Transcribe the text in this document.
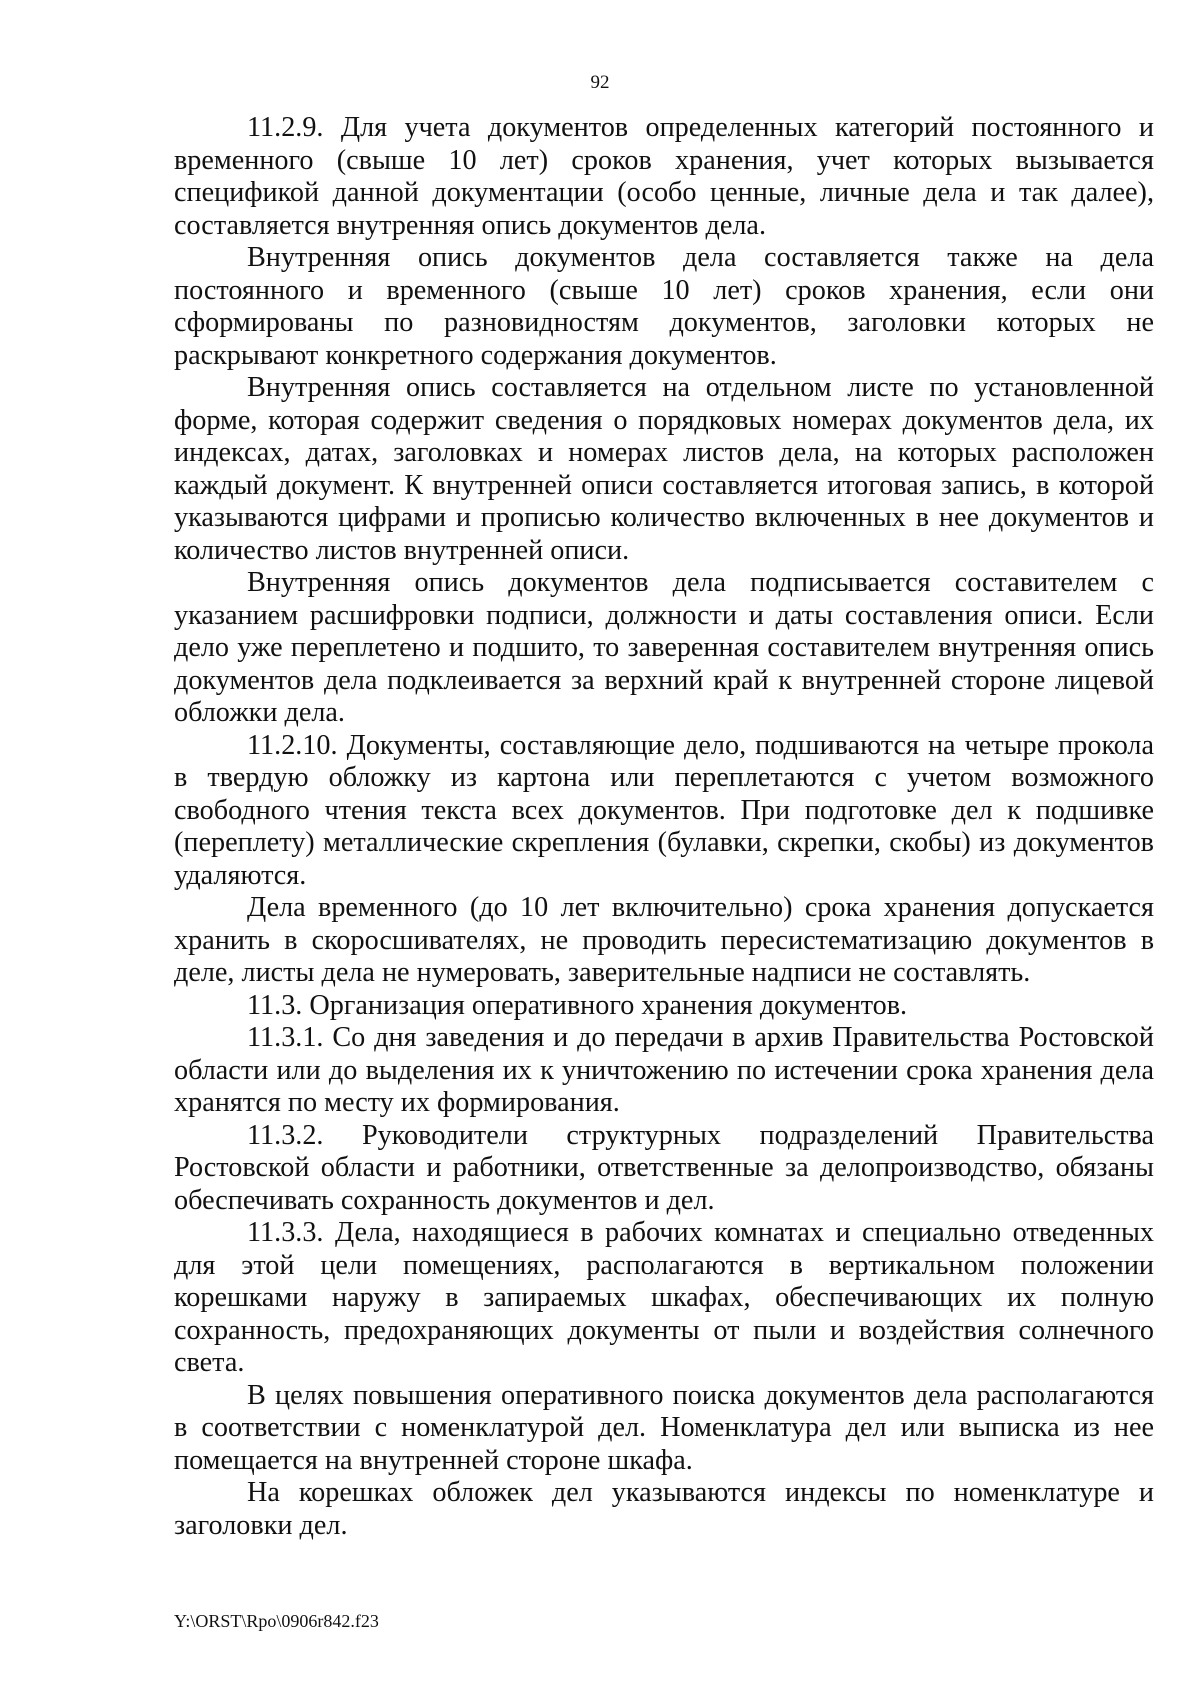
92

11.2.9. Для учета документов определенных категорий постоянного и временного (свыше 10 лет) сроков хранения, учет которых вызывается спецификой данной документации (особо ценные, личные дела и так далее), составляется внутренняя опись документов дела.

Внутренняя опись документов дела составляется также на дела постоянного и временного (свыше 10 лет) сроков хранения, если они сформированы по разновидностям документов, заголовки которых не раскрывают конкретного содержания документов.

Внутренняя опись составляется на отдельном листе по установленной форме, которая содержит сведения о порядковых номерах документов дела, их индексах, датах, заголовках и номерах листов дела, на которых расположен каждый документ. К внутренней описи составляется итоговая запись, в которой указываются цифрами и прописью количество включенных в нее документов и количество листов внутренней описи.

Внутренняя опись документов дела подписывается составителем с указанием расшифровки подписи, должности и даты составления описи. Если дело уже переплетено и подшито, то заверенная составителем внутренняя опись документов дела подклеивается за верхний край к внутренней стороне лицевой обложки дела.

11.2.10. Документы, составляющие дело, подшиваются на четыре прокола в твердую обложку из картона или переплетаются с учетом возможного свободного чтения текста всех документов. При подготовке дел к подшивке (переплету) металлические скрепления (булавки, скрепки, скобы) из документов удаляются.

Дела временного (до 10 лет включительно) срока хранения допускается хранить в скоросшивателях, не проводить пересистематизацию документов в деле, листы дела не нумеровать, заверительные надписи не составлять.

11.3. Организация оперативного хранения документов.

11.3.1. Со дня заведения и до передачи в архив Правительства Ростовской области или до выделения их к уничтожению по истечении срока хранения дела хранятся по месту их формирования.

11.3.2. Руководители структурных подразделений Правительства Ростовской области и работники, ответственные за делопроизводство, обязаны обеспечивать сохранность документов и дел.

11.3.3. Дела, находящиеся в рабочих комнатах и специально отведенных для этой цели помещениях, располагаются в вертикальном положении корешками наружу в запираемых шкафах, обеспечивающих их полную сохранность, предохраняющих документы от пыли и воздействия солнечного света.

В целях повышения оперативного поиска документов дела располагаются в соответствии с номенклатурой дел. Номенклатура дел или выписка из нее помещается на внутренней стороне шкафа.

На корешках обложек дел указываются индексы по номенклатуре и заголовки дел.

Y:\ORST\Rpo\0906r842.f23
